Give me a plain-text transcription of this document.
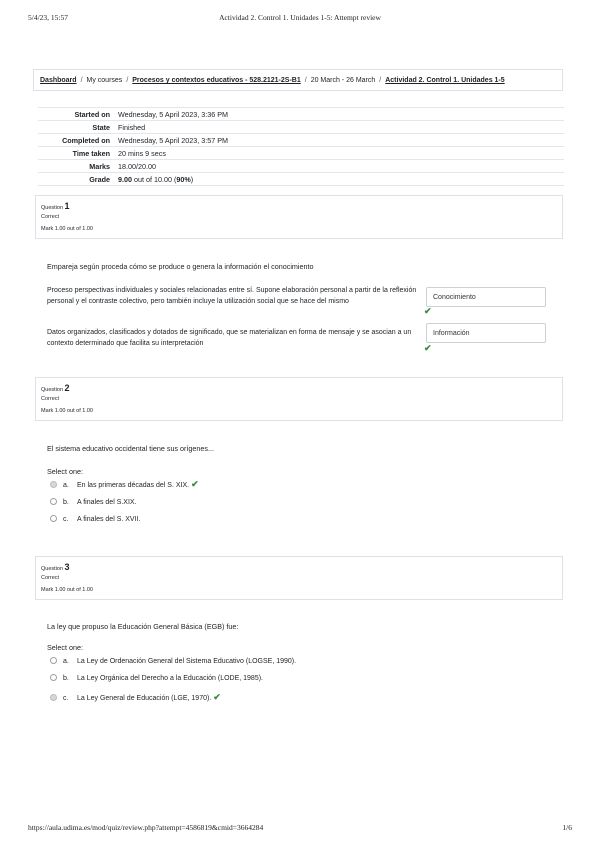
5/4/23, 15:57	Actividad 2. Control 1. Unidades 1-5: Attempt review
Dashboard / My courses / Procesos y contextos educativos - 528.2121-2S-B1 / 20 March - 26 March / Actividad 2. Control 1. Unidades 1-5
Started on	Wednesday, 5 April 2023, 3:36 PM
State	Finished
Completed on	Wednesday, 5 April 2023, 3:57 PM
Time taken	20 mins 9 secs
Marks	18.00/20.00
Grade	9.00 out of 10.00 (90%)
Question 1
Correct
Mark 1.00 out of 1.00
Empareja según proceda cómo se produce o genera la información el conocimiento
Proceso perspectivas individuales y sociales relacionadas entre sí. Supone elaboración personal a partir de la reflexión personal y el contraste colectivo, pero también incluye la utilización social que se hace del mismo
Conocimiento
✔
Datos organizados, clasificados y dotados de significado, que se materializan en forma de mensaje y se asocian a un contexto determinado que facilita su interpretación
Información
✔
Question 2
Correct
Mark 1.00 out of 1.00
El sistema educativo occidental tiene sus orígenes...
Select one:
a. En las primeras décadas del S. XIX. ✔
b. A finales del S.XIX.
c. A finales del S. XVII.
Question 3
Correct
Mark 1.00 out of 1.00
La ley que propuso la Educación General Básica (EGB) fue:
Select one:
a. La Ley de Ordenación General del Sistema Educativo (LOGSE, 1990).
b. La Ley Orgánica del Derecho a la Educación (LODE, 1985).
c. La Ley General de Educación (LGE, 1970). ✔
https://aula.udima.es/mod/quiz/review.php?attempt=4586819&cmid=3664284	1/6
